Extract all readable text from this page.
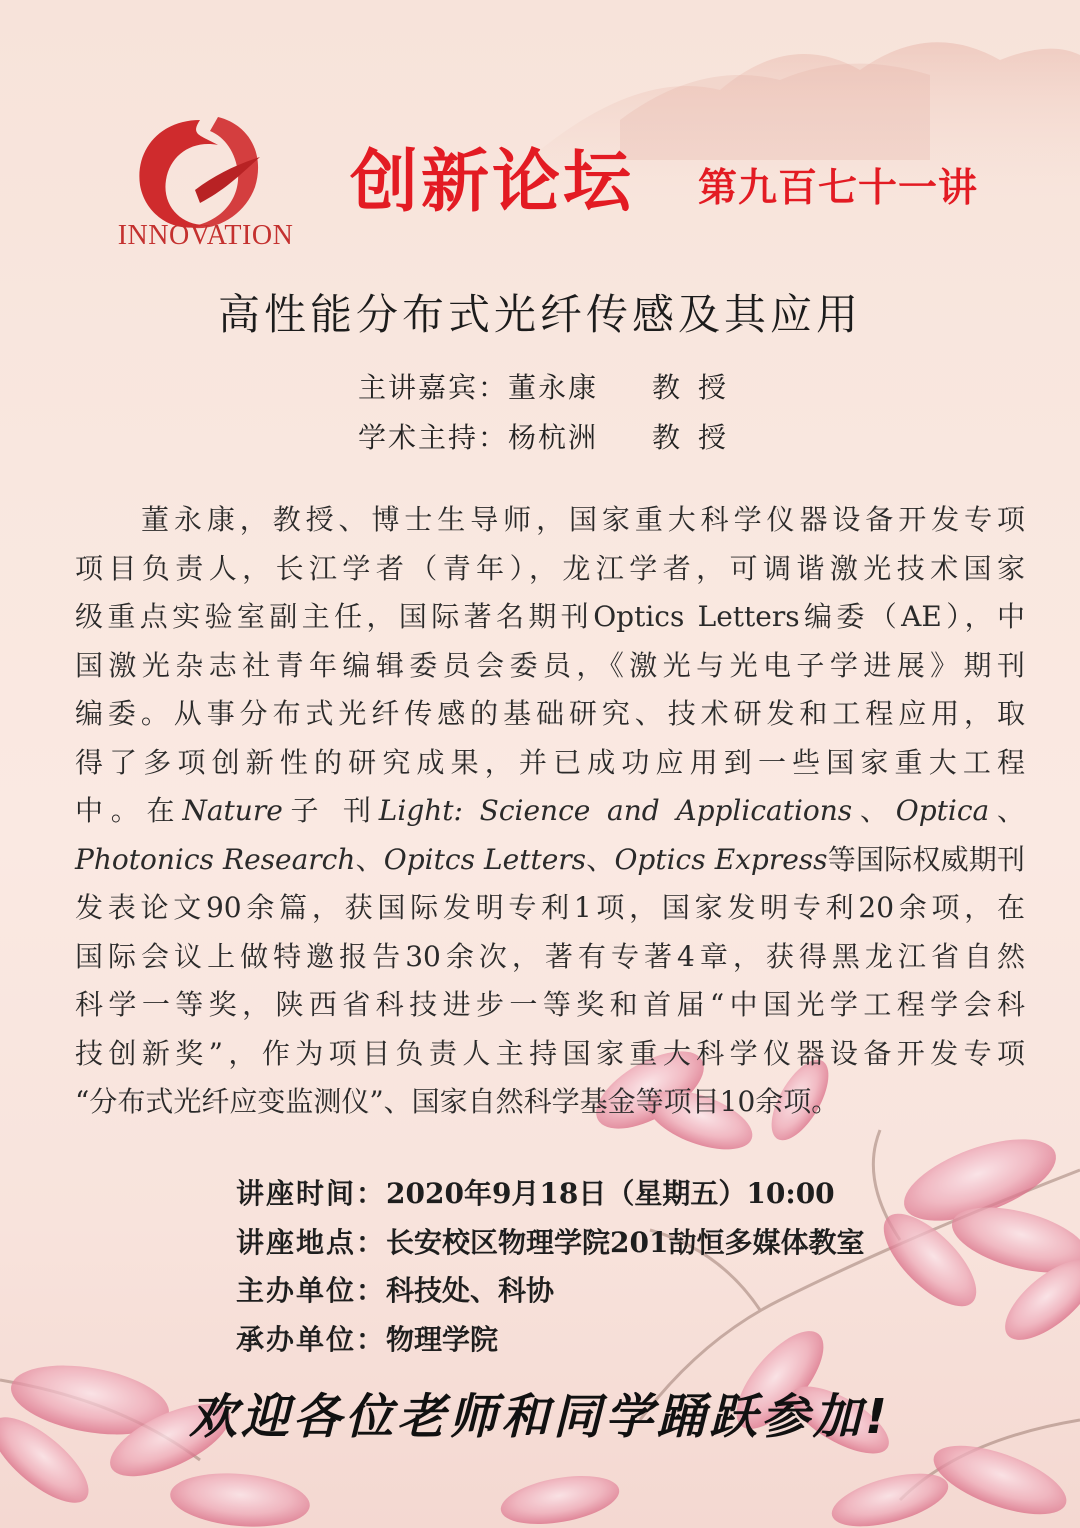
INNOVATION
创新论坛 第九百七十一讲
高性能分布式光纤传感及其应用
主讲嘉宾：董永康 教授
学术主持：杨杭洲 教授
董永康，教授、博士生导师，国家重大科学仪器设备开发专项
项目负责人，长江学者（青年），龙江学者，可调谐激光技术国家
级重点实验室副主任，国际著名期刊Optics Letters编委（AE），中
国激光杂志社青年编辑委员会委员，《激光与光电子学进展》期刊
编委。从事分布式光纤传感的基础研究、技术研发和工程应用，取
得了多项创新性的研究成果，并已成功应用到一些国家重大工程
中。在Nature子 刊Light: Science and Applications、Optica、
Photonics Research、Opitcs Letters、Optics Express等国际权威期刊
发表论文90余篇，获国际发明专利1项，国家发明专利20余项，在
国际会议上做特邀报告30余次，著有专著4章，获得黑龙江省自然
科学一等奖，陕西省科技进步一等奖和首届“中国光学工程学会科
技创新奖”，作为项目负责人主持国家重大科学仪器设备开发专项
“分布式光纤应变监测仪”、国家自然科学基金等项目10余项。
讲座时间：2020年9月18日（星期五）10:00
讲座地点：长安校区物理学院201劼恒多媒体教室
主办单位：科技处、科协
承办单位：物理学院
欢迎各位老师和同学踊跃参加!
